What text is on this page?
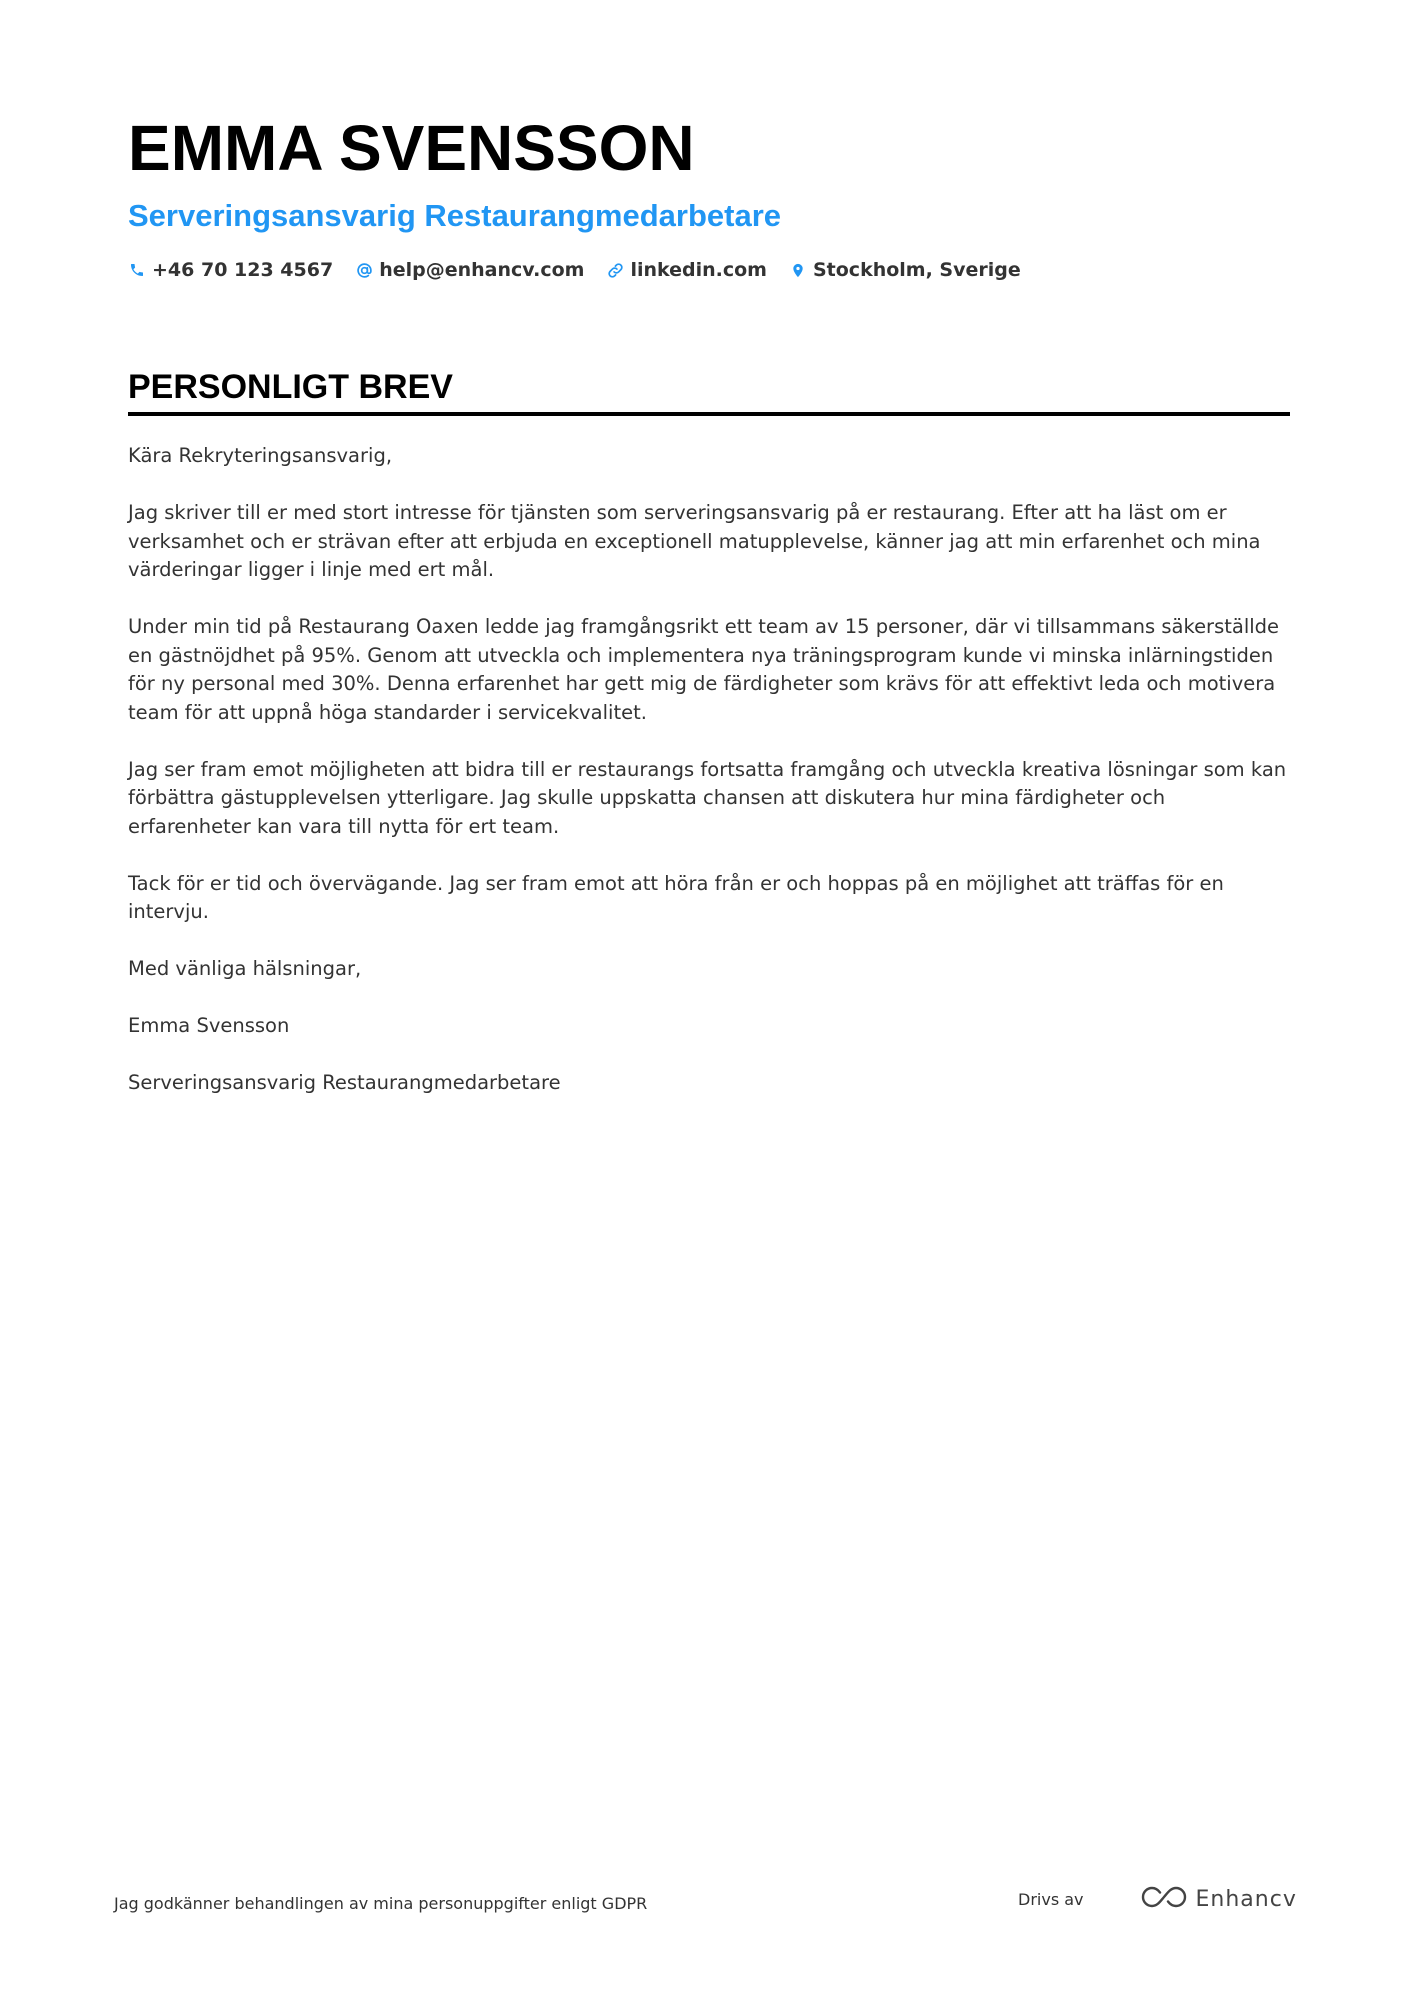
EMMA SVENSSON
Serveringsansvarig Restaurangmedarbetare
+46 70 123 4567 help@enhancv.com linkedin.com Stockholm, Sverige
PERSONLIGT BREV

Kära Rekryteringsansvarig,

Jag skriver till er med stort intresse för tjänsten som serveringsansvarig på er restaurang. Efter att ha läst om er verksamhet och er strävan efter att erbjuda en exceptionell matupplevelse, känner jag att min erfarenhet och mina värderingar ligger i linje med ert mål.

Under min tid på Restaurang Oaxen ledde jag framgångsrikt ett team av 15 personer, där vi tillsammans säkerställde en gästnöjdhet på 95%. Genom att utveckla och implementera nya träningsprogram kunde vi minska inlärningstiden för ny personal med 30%. Denna erfarenhet har gett mig de färdigheter som krävs för att effektivt leda och motivera team för att uppnå höga standarder i servicekvalitet.

Jag ser fram emot möjligheten att bidra till er restaurangs fortsatta framgång och utveckla kreativa lösningar som kan förbättra gästupplevelsen ytterligare. Jag skulle uppskatta chansen att diskutera hur mina färdigheter och erfarenheter kan vara till nytta för ert team.

Tack för er tid och övervägande. Jag ser fram emot att höra från er och hoppas på en möjlighet att träffas för en intervju.

Med vänliga hälsningar,

Emma Svensson

Serveringsansvarig Restaurangmedarbetare

Jag godkänner behandlingen av mina personuppgifter enligt GDPR	Drivs av	Enhancv
